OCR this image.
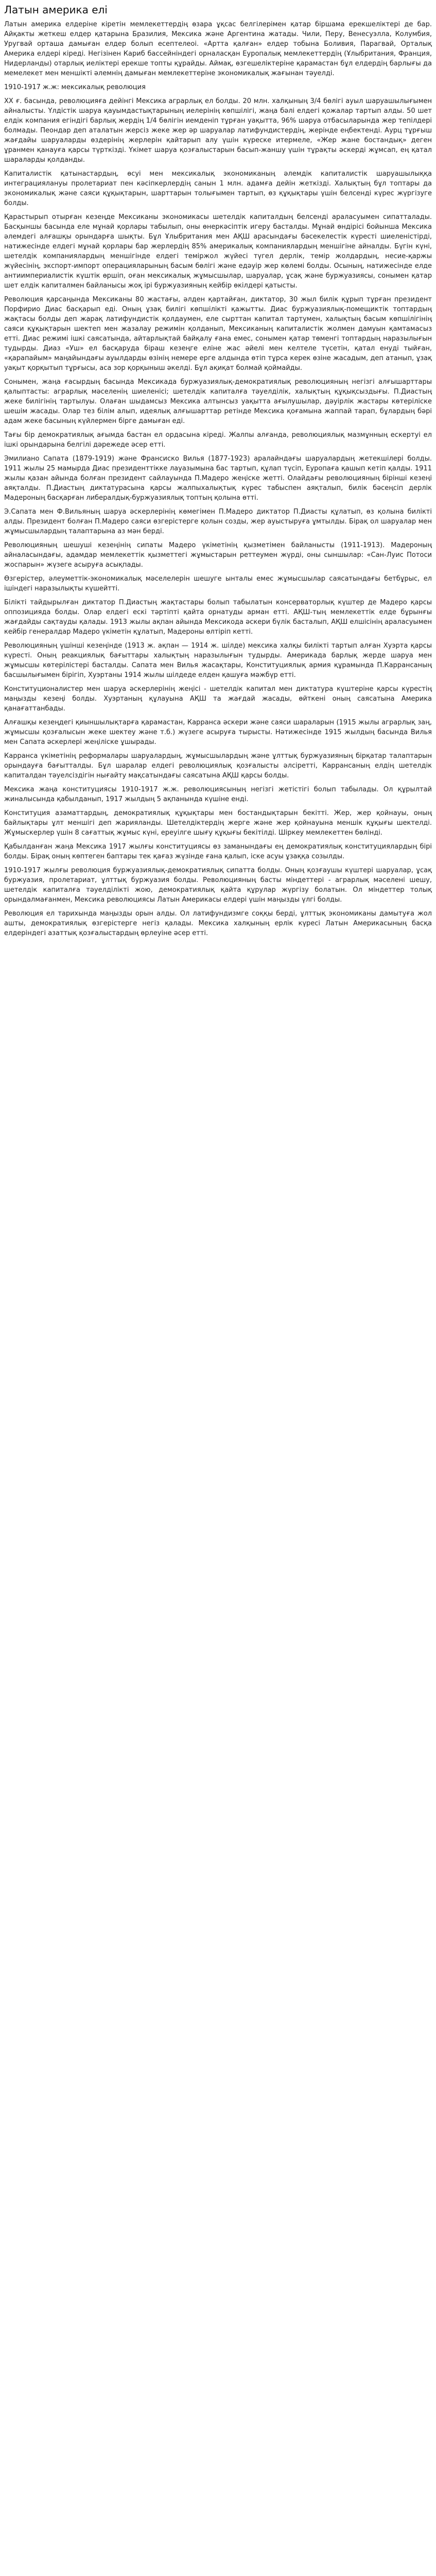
Латын америка елі

Латын америка елдеріне кіретін мемлекеттердің өзара ұқсас белгілерімен қатар біршама ерекшеліктері де бар. Айқакты жеткеш елдер қатарына Бразилия, Мексика және Аргентина жатады. Чили, Перу, Венесуэлла, Колумбия, Уругвай орташа дамыған елдер болып есептелеоі. «Артта қалған» елдер тобына Боливия, Парагвай, Орталық Америка елдері кіреді. Негізінен Кариб бассейніндегі орналасқан Еуропалық мемлекеттердің (Ұлыбритания, Франция, Нидерланды) отарлық иеліктері ерекше топты құрайды. Аймақ, өзгешеліктеріне қарамастан бұл елдердің барлығы да мемелекет мен меншікті әлемнің дамыған мемлекеттеріне экономикалық жағынан тәуелді.

1910-1917 ж.ж: мексикалық революция

ХХ ғ. басында, революцияға дейінгі Мексика аграрлық ел болды. 20 млн. халқының 3/4 бөлігі ауыл шаруашылығымен айналысты. Үлдістік шаруа қауымдастықтарының иелерінің көпшілігі, жаңа бәлі елдегі қожалар тартып алды. 50 шет елдік компания егіндігі барлық жердің 1/4 бөлігін иемденіп тұрған уақытта, 96% шаруа отбасыларында жер тепілдері болмады. Пеондар деп аталатын жерсіз жеке жер әр шаруалар латифундистердің, жерінде еңбектенді. Аурц тұрғыш жағдайы шаруаларды өздерінің жерлерін қайтарып алу үшін күреске итермеле, «Жер жане бостандық» деген ұранмен қанауға қарсы түрткізді. Үкімет шаруа қозғалыстарын басып-жаншу үшін тұрақты әскерді жұмсап, ең қатал шараларды қолданды.

Капиталистік қатынастардың, өсуі мен мексикалық экономиканың әлемдік капиталистік шаруашылыққа интеграциялануы пролетариат пен кәсіпкерлердің санын 1 млн. адамға дейін жеткізді. Халықтың бұл топтары да экономикалық және саяси құқықтарын, шарттарын толығымен тартып, өз құқықтары үшін белсенді күрес жүргізуге болды.

Қарастырып отырған кезеңде Мексиканы экономикасы шетелдік капиталдың белсенді араласуымен сипатталады. Басқыншы басында еле мұнай қорлары табылып, оны өнеркәсіптік игеру басталды. Мұнай өндірісі бойынша Мексика әлемдегі алғашқы орындарға шықты. Бұл Ұлыбритания мен АҚШ арасындағы бәсекелестік күресті шиеленістірді, натижесінде елдегі мұнай қорлары бар жерлердің 85% америкалық компаниялардың меншігіне айналды. Бүгін күні, шетелдік компаниялардың меншігінде елдегі теміржол жүйесі түгел дерлік, темір жолдардың, несие-қаржы жүйесінің, экспорт-импорт операцияларының басым бөлігі және едәуір жер көлемі болды. Осының, натижесінде елде антиимпериалистік күштік өршіп, оған мексикалық жұмысшылар, шаруалар, ұсақ және буржуазиясы, сонымен қатар шет елдік капиталмен байланысы жоқ ірі буржуазияның кейбір өкілдері қатысты.

Революция қарсаңында Мексиканы 80 жастағы, әлден қартайған, диктатор, 30 жыл билік құрып тұрған президент Порфирио Диас басқарып еді. Оның ұзақ билігі көпшілікті қажытты. Диас буржуазиялық-помещиктік топтардың жақтасы болды деп жарақ латифундистік қолдаумен, еле сырттан капитал тартумен, халықтың басым көпшілігінің саяси құқықтарын шектеп мен жазалау режимін қолданып, Мексиканың капиталистік жолмен дамуын қамтамасыз етті. Диас режимі ішкі саясатында, айтарлықтай байқалу ғана емес, сонымен қатар төменгі топтардың наразылығын тудырды. Диаз «Уш» ел басқаруда біраш кезеңге еліне жас әйелі мен келтеле түсетін, қатал енуді тыйған, «қарапайым» маңайындағы ауылдарды өзінің немере ерге алдында өтіп тұрса керек өзіне жасадым, деп атанып, ұзақ уақыт қорқытып тұрғысы, аса зор қорқыныш әкелді. Бұл ақиқат болмай қоймайды.

Сонымен, жаңа ғасырдың басында Мексикада буржуазиялық-демократиялық революцияның негізгі алғышарттары қалыптасты: аграрлық мәселенің шиеленісі; шетелдік капиталға тәуелділік, халықтың құқықсыздығы. П.Диастың жеке билігінің тартылуы. Олаған шыдамсыз Мексика алтынсыз уақытта ағылушылар, дәуірлік жастары көтеріліске шешім жасады. Олар тез білім алып, идеялық алғышарттар ретінде Мексика қоғамына жаппай тарап, бұлардың бәрі адам жеке басының күйлермен бірге дамыған еді.

Тағы бір демократиялық ағымда бастан ел ордасына кіреді. Жалпы алғанда, революциялық мазмұнның ескертуі ел ішкі орындарына белгілі дәрежеде әсер етті.

Эмилиано Сапата (1879-1919) және Франсиско Вилья (1877-1923) аралайндағы шаруалардың жетекшілері болды. 1911 жылы 25 мамырда Диас президенттікке лауазымына бас тартып, құлап түсіп, Еуропаға қашып кетіп қалды. 1911 жылы қазан айында болған президент сайлауында П.Мадеро жеңіске жетті. Олайдағы революцияның бірінші кезеңі аяқталды. П.Диастың диктатурасына қарсы жалпыхалықтық күрес табыспен аяқталып, билік бәсеңсіп дерлік Мадероның басқарған либералдық-буржуазиялық топтың қолына өтті.

Э.Сапата мен Ф.Вильяның шаруа әскерлерінің көмегімен П.Мадеро диктатор П.Диасты құлатып, өз қолына билікті алды. Президент болған П.Мадеро саяси өзгерістерге қолын созды, жер ауыстыруға ұмтылды. Бірақ ол шаруалар мен жұмысшылардың талаптарына аз мән берді.

Революцияның шешуші кезеңінің сипаты Мадеро үкіметінің қызметімен байланысты (1911-1913). Мадероның айналасындағы, адамдар мемлекеттік қызметтегі жұмыстарын реттеумен жүрді, оны сыншылар: «Сан-Луис Потоси жоспарын» жүзеге асыруға асықпады.

Өзгерістер, әлеуметтік-экономикалық мәселелерін шешуге ынталы емес жұмысшылар саясатындағы бетбұрыс, ел ішіндегі наразылықты күшейтті.

Білікті тайдырылған диктатор П.Диастың жақтастары болып табылатын консерваторлық күштер де Мадеро қарсы оппозицияда болды. Олар елдегі ескі тәртіпті қайта орнатуды арман етті. АҚШ-тың мемлекеттік елде бұрынғы жағдайды сақтауды қалады. 1913 жылы ақпан айында Мексикода әскери бүлік басталып, АҚШ елшісінің араласуымен кейбір генералдар Мадеро үкіметін құлатып, Мадероны өлтіріп кетті.

Революцияның үшінші кезеңінде (1913 ж. ақпан — 1914 ж. шілде) мексика халқы билікті тартып алған Хуэрта қарсы күресті. Оның реакциялық бағыттары халықтың наразылығын тудырды. Америкада барлық жерде шаруа мен жұмысшы көтерілістері басталды. Сапата мен Вилья жасақтары, Конституциялық армия құрамында П.Каррансаның басшылығымен бірігіп, Хуэртаны 1914 жылы шілдеде елден қашуға мәжбүр етті.

Конституционалистер мен шаруа әскерлерінің жеңісі - шетелдік капитал мен диктатура күштеріне қарсы күрестің маңызды кезеңі болды. Хуэртаның құлауына АҚШ та жағдай жасады, өйткені оның саясатына Америка қанағаттанбады.

Алғашқы кезеңдегі қиыншылықтарға қарамастан, Карранса әскери және саяси шараларын (1915 жылы аграрлық заң, жұмысшы қозғалысын жеке шектеу және т.б.) жүзеге асыруға тырысты. Нәтижесінде 1915 жылдың басында Вилья мен Сапата әскерлері жеңіліске ұшырады.

Карранса үкіметінің реформалары шаруалардың, жұмысшылардың және ұлттық буржуазияның бірқатар талаптарын орындауға бағытталды. Бұл шаралар елдегі революциялық қозғалысты әлсіретті, Каррансаның елдің шетелдік капиталдан тәуелсіздігін нығайту мақсатындағы саясатына АҚШ қарсы болды.

Мексика жаңа конституциясы 1910-1917 ж.ж. революциясының негізгі жетістігі болып табылады. Ол құрылтай жиналысында қабылданып, 1917 жылдың 5 ақпанында күшіне енді.

Конституция азаматтардың, демократиялық құқықтары мен бостандықтарын бекітті. Жер, жер қойнауы, оның байлықтары ұлт меншігі деп жарияланды. Шетелдіктердің жерге және жер қойнауына меншік құқығы шектелді. Жұмыскерлер үшін 8 сағаттық жұмыс күні, ереуілге шығу құқығы бекітілді. Шіркеу мемлекеттен бөлінді.

Қабылданған жаңа Мексика 1917 жылғы конституциясы өз заманындағы ең демократиялық конституциялардың бірі болды. Бірақ оның көптеген баптары тек қағаз жүзінде ғана қалып, іске асуы ұзаққа созылды.

1910-1917 жылғы революция буржуазиялық-демократиялық сипатта болды. Оның қозғаушы күштері шаруалар, ұсақ буржуазия, пролетариат, ұлттық буржуазия болды. Революцияның басты міндеттері - аграрлық мәселені шешу, шетелдік капиталға тәуелділікті жою, демократиялық қайта құрулар жүргізу болатын. Ол міндеттер толық орындалмағанмен, Мексика революциясы Латын Америкасы елдері үшін маңызды үлгі болды.

Революция ел тарихында маңызды орын алды. Ол латифундизмге соққы берді, ұлттық экономиканы дамытуға жол ашты, демократиялық өзгерістерге негіз қалады. Мексика халқының ерлік күресі Латын Америкасының басқа елдеріндегі азаттық қозғалыстардың өрлеуіне әсер етті.
